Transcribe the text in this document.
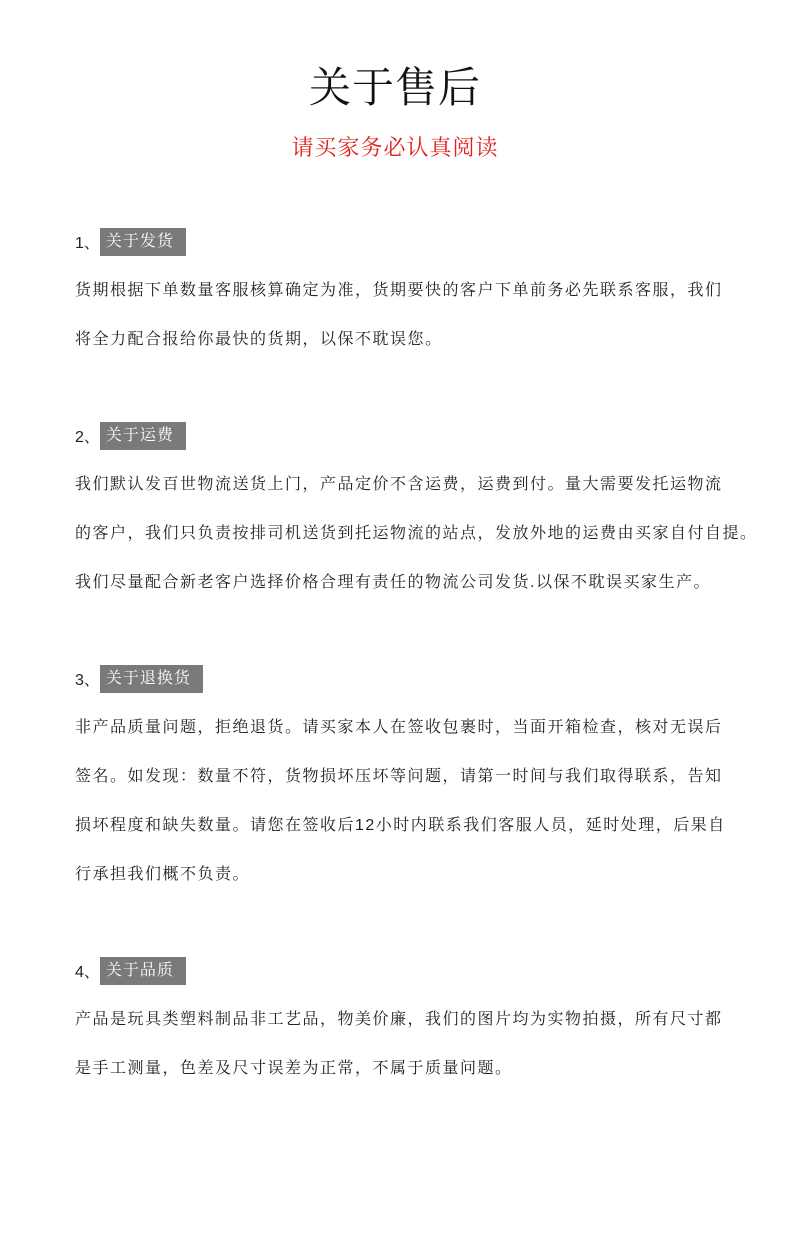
关于售后
请买家务必认真阅读
1、 关于发货
货期根据下单数量客服核算确定为准，货期要快的客户下单前务必先联系客服，我们
将全力配合报给你最快的货期，以保不耽误您。
2、 关于运费
我们默认发百世物流送货上门，产品定价不含运费，运费到付。量大需要发托运物流
的客户，我们只负责按排司机送货到托运物流的站点，发放外地的运费由买家自付自提。
我们尽量配合新老客户选择价格合理有责任的物流公司发货.以保不耽误买家生产。
3、 关于退换货
非产品质量问题，拒绝退货。请买家本人在签收包裹时，当面开箱检查，核对无误后
签名。如发现：数量不符，货物损坏压坏等问题，请第一时间与我们取得联系，告知
损坏程度和缺失数量。请您在签收后12小时内联系我们客服人员，延时处理，后果自
行承担我们概不负责。
4、 关于品质
产品是玩具类塑料制品非工艺品，物美价廉，我们的图片均为实物拍摄，所有尺寸都
是手工测量，色差及尺寸误差为正常，不属于质量问题。
